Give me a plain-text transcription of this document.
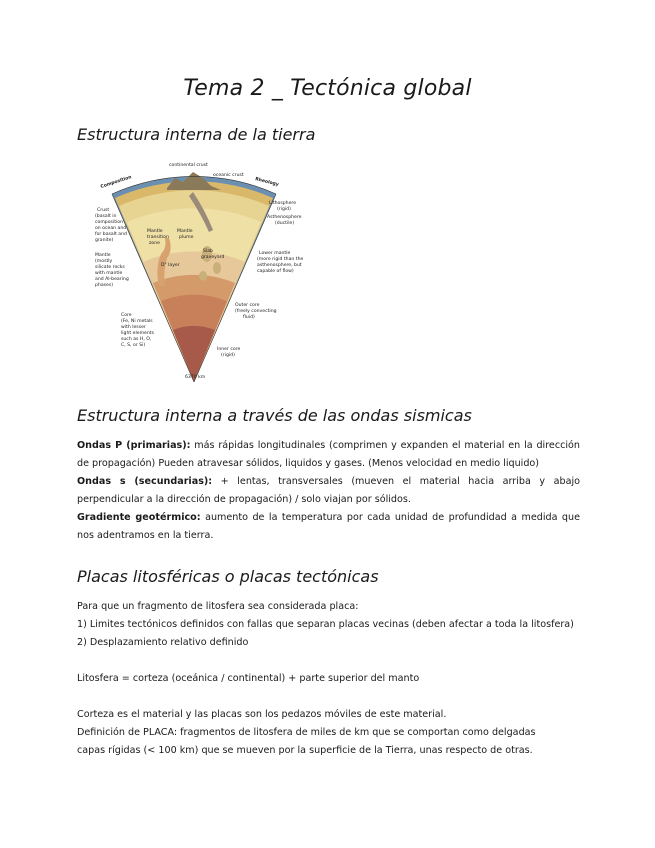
Tema 2 _ Tectónica global
Estructura interna de la tierra
continental crust
oceanic crust
Composition	Rheology
Crust
(basalt in
composition
on ocean and
for basalt and
granite)
Mantle
(mostly
silicate rocks
with mantle
and Al-bearing
phases)
Core
(Fe, Ni metals
with lesser
light elements
such as H, O,
C, S, or Si)
Lithosphere
(rigid)
Asthenosphere
(ductile)
Lower mantle
(more rigid than the
asthenosphere, but
capable of flow)
Outer core
(freely convecting
fluid)
Inner core
(rigid)
Mantle
transition
zone
Mantle
plume
D" layer
Slab
graveyard
6370 km
Estructura interna a través de las ondas sismicas
Ondas P (primarias): más rápidas longitudinales (comprimen y expanden el material en la dirección de propagación) Pueden atravesar sólidos, liquidos y gases. (Menos velocidad en medio liquido)
Ondas s (secundarias): + lentas, transversales (mueven el material hacia arriba y abajo perpendicular a la dirección de propagación) / solo viajan por sólidos.
Gradiente geotérmico: aumento de la temperatura por cada unidad de profundidad a medida que nos adentramos en la tierra.
Placas litosféricas o placas tectónicas
Para que un fragmento de litosfera sea considerada placa:
1) Limites tectónicos definidos con fallas que separan placas vecinas (deben afectar a toda la litosfera)
2) Desplazamiento relativo definido
Litosfera = corteza (oceánica / continental) + parte superior del manto
Corteza es el material y las placas son los pedazos móviles de este material.
Definición de PLACA: fragmentos de litosfera de miles de km que se comportan como delgadas
capas rígidas (< 100 km) que se mueven por la superficie de la Tierra, unas respecto de otras.
